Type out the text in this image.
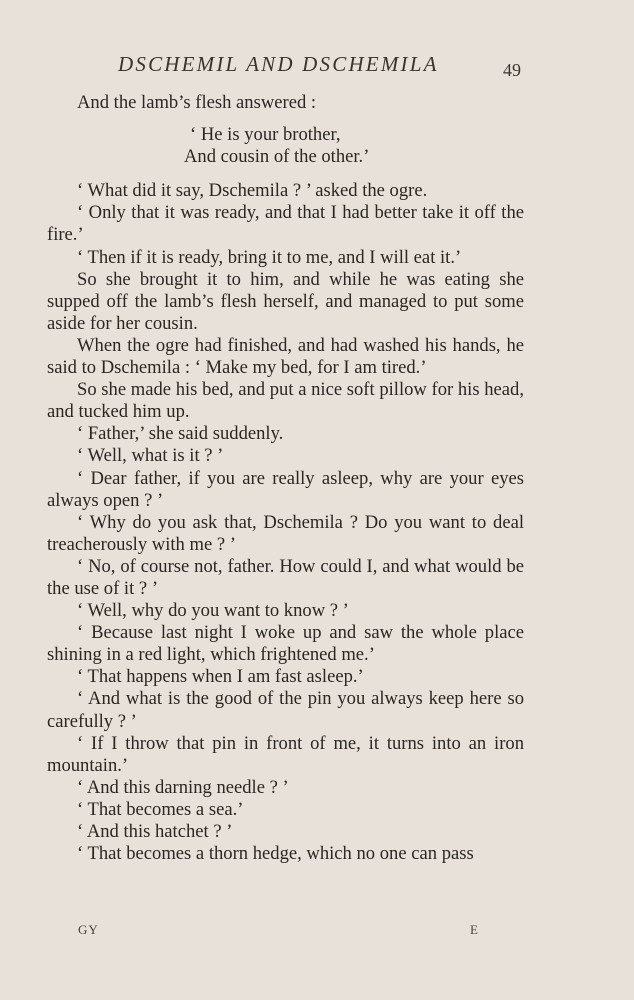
DSCHEMIL AND DSCHEMILA	49

And the lamb’s flesh answered :

‘ He is your brother,
And cousin of the other.’

‘ What did it say, Dschemila ? ’ asked the ogre.

‘ Only that it was ready, and that I had better take it off the fire.’

‘ Then if it is ready, bring it to me, and I will eat it.’

So she brought it to him, and while he was eating she supped off the lamb’s flesh herself, and managed to put some aside for her cousin.

When the ogre had finished, and had washed his hands, he said to Dschemila : ‘ Make my bed, for I am tired.’

So she made his bed, and put a nice soft pillow for his head, and tucked him up.

‘ Father,’ she said suddenly.

‘ Well, what is it ? ’

‘ Dear father, if you are really asleep, why are your eyes always open ? ’

‘ Why do you ask that, Dschemila ? Do you want to deal treacherously with me ? ’

‘ No, of course not, father. How could I, and what would be the use of it ? ’

‘ Well, why do you want to know ? ’

‘ Because last night I woke up and saw the whole place shining in a red light, which frightened me.’

‘ That happens when I am fast asleep.’

‘ And what is the good of the pin you always keep here so carefully ? ’

‘ If I throw that pin in front of me, it turns into an iron mountain.’

‘ And this darning needle ? ’

‘ That becomes a sea.’

‘ And this hatchet ? ’

‘ That becomes a thorn hedge, which no one can pass

GY	E
